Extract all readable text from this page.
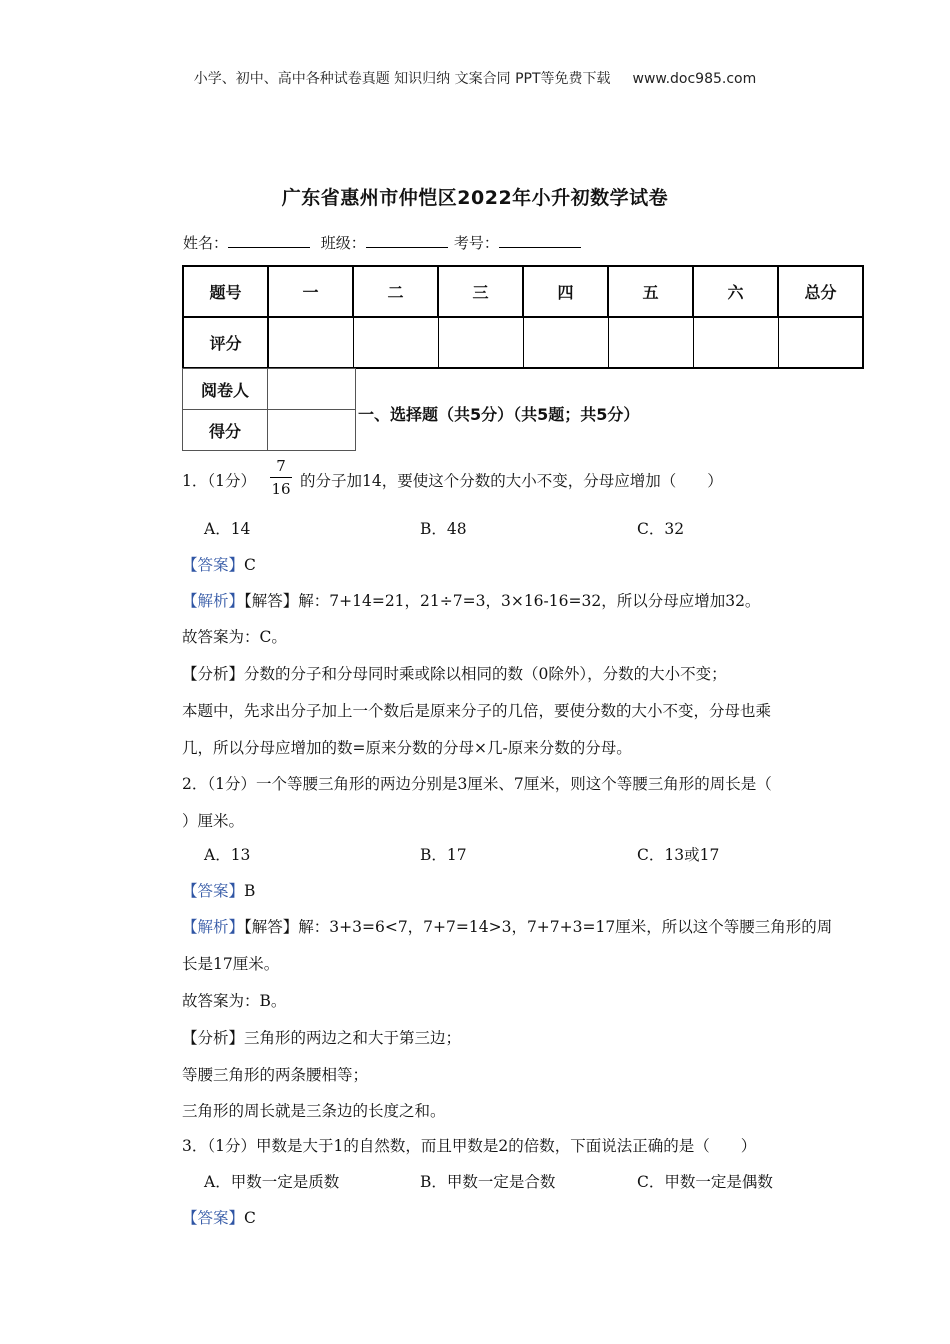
小学、初中、高中各种试卷真题 知识归纳 文案合同 PPT等免费下载 www.doc985.com
广东省惠州市仲恺区2022年小升初数学试卷
姓名：	班级：	考号：
题号	一	二	三	四	五	六	总分
评分							
阅卷人	
得分	
一、选择题（共5分）（共5题；共5分）
1．（1分）
7
16 的分子加14，要使这个分数的大小不变，分母应增加（　　）
A．14	B．48	C．32
【答案】C
【解析】【解答】解：7+14=21，21÷7=3，3×16-16=32，所以分母应增加32。
故答案为：C。
【分析】分数的分子和分母同时乘或除以相同的数（0除外），分数的大小不变；
本题中，先求出分子加上一个数后是原来分子的几倍，要使分数的大小不变，分母也乘
几，所以分母应增加的数=原来分数的分母×几-原来分数的分母。
2．（1分）一个等腰三角形的两边分别是3厘米、7厘米，则这个等腰三角形的周长是（
）厘米。
A．13	B．17	C．13或17
【答案】B
【解析】【解答】解：3+3=6<7，7+7=14>3，7+7+3=17厘米，所以这个等腰三角形的周
长是17厘米。
故答案为：B。
【分析】三角形的两边之和大于第三边；
等腰三角形的两条腰相等；
三角形的周长就是三条边的长度之和。
3．（1分）甲数是大于1的自然数，而且甲数是2的倍数，下面说法正确的是（　　）
A．甲数一定是质数	B．甲数一定是合数	C．甲数一定是偶数
【答案】C
